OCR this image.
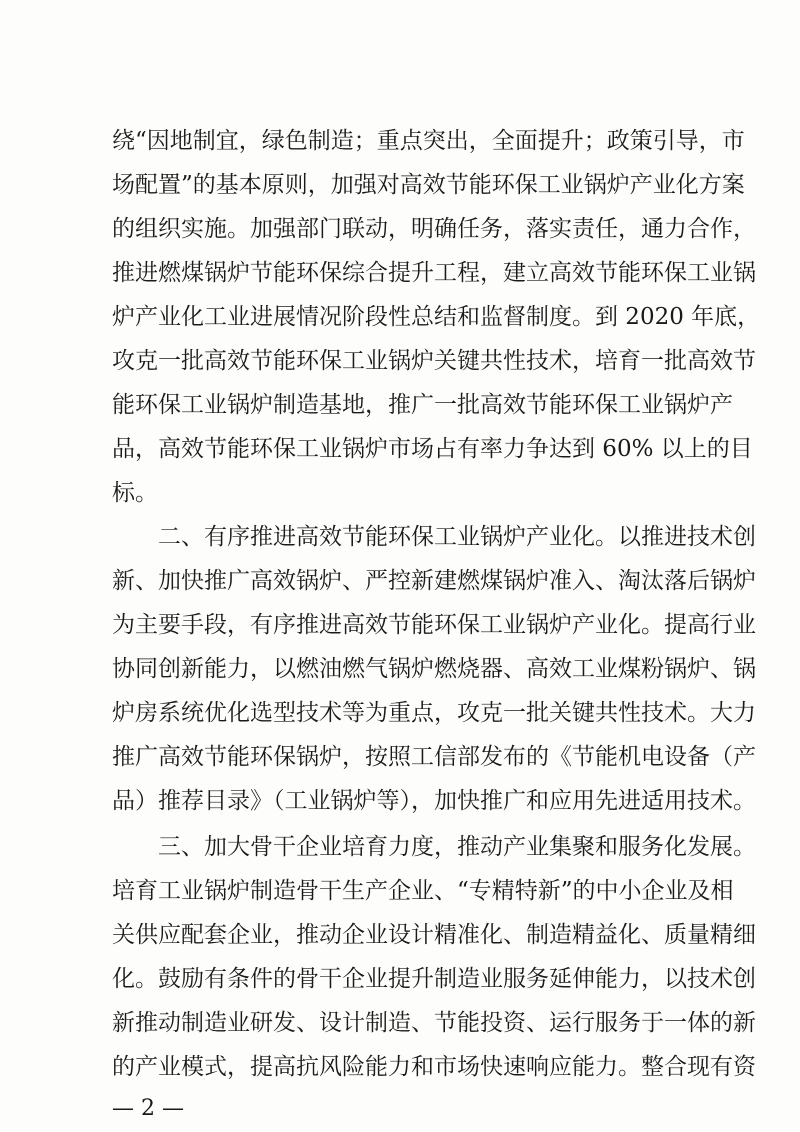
绕“因地制宜，绿色制造；重点突出，全面提升；政策引导，市
场配置”的基本原则，加强对高效节能环保工业锅炉产业化方案
的组织实施。加强部门联动，明确任务，落实责任，通力合作，
推进燃煤锅炉节能环保综合提升工程，建立高效节能环保工业锅
炉产业化工业进展情况阶段性总结和监督制度。到 2020 年底，
攻克一批高效节能环保工业锅炉关键共性技术，培育一批高效节
能环保工业锅炉制造基地，推广一批高效节能环保工业锅炉产
品，高效节能环保工业锅炉市场占有率力争达到 60% 以上的目
标。
二、有序推进高效节能环保工业锅炉产业化。以推进技术创
新、加快推广高效锅炉、严控新建燃煤锅炉准入、淘汰落后锅炉
为主要手段，有序推进高效节能环保工业锅炉产业化。提高行业
协同创新能力，以燃油燃气锅炉燃烧器、高效工业煤粉锅炉、锅
炉房系统优化选型技术等为重点，攻克一批关键共性技术。大力
推广高效节能环保锅炉，按照工信部发布的《节能机电设备（产
品）推荐目录》（工业锅炉等），加快推广和应用先进适用技术。
三、加大骨干企业培育力度，推动产业集聚和服务化发展。
培育工业锅炉制造骨干生产企业、“专精特新”的中小企业及相
关供应配套企业，推动企业设计精准化、制造精益化、质量精细
化。鼓励有条件的骨干企业提升制造业服务延伸能力，以技术创
新推动制造业研发、设计制造、节能投资、运行服务于一体的新
的产业模式，提高抗风险能力和市场快速响应能力。整合现有资
— 2 —
